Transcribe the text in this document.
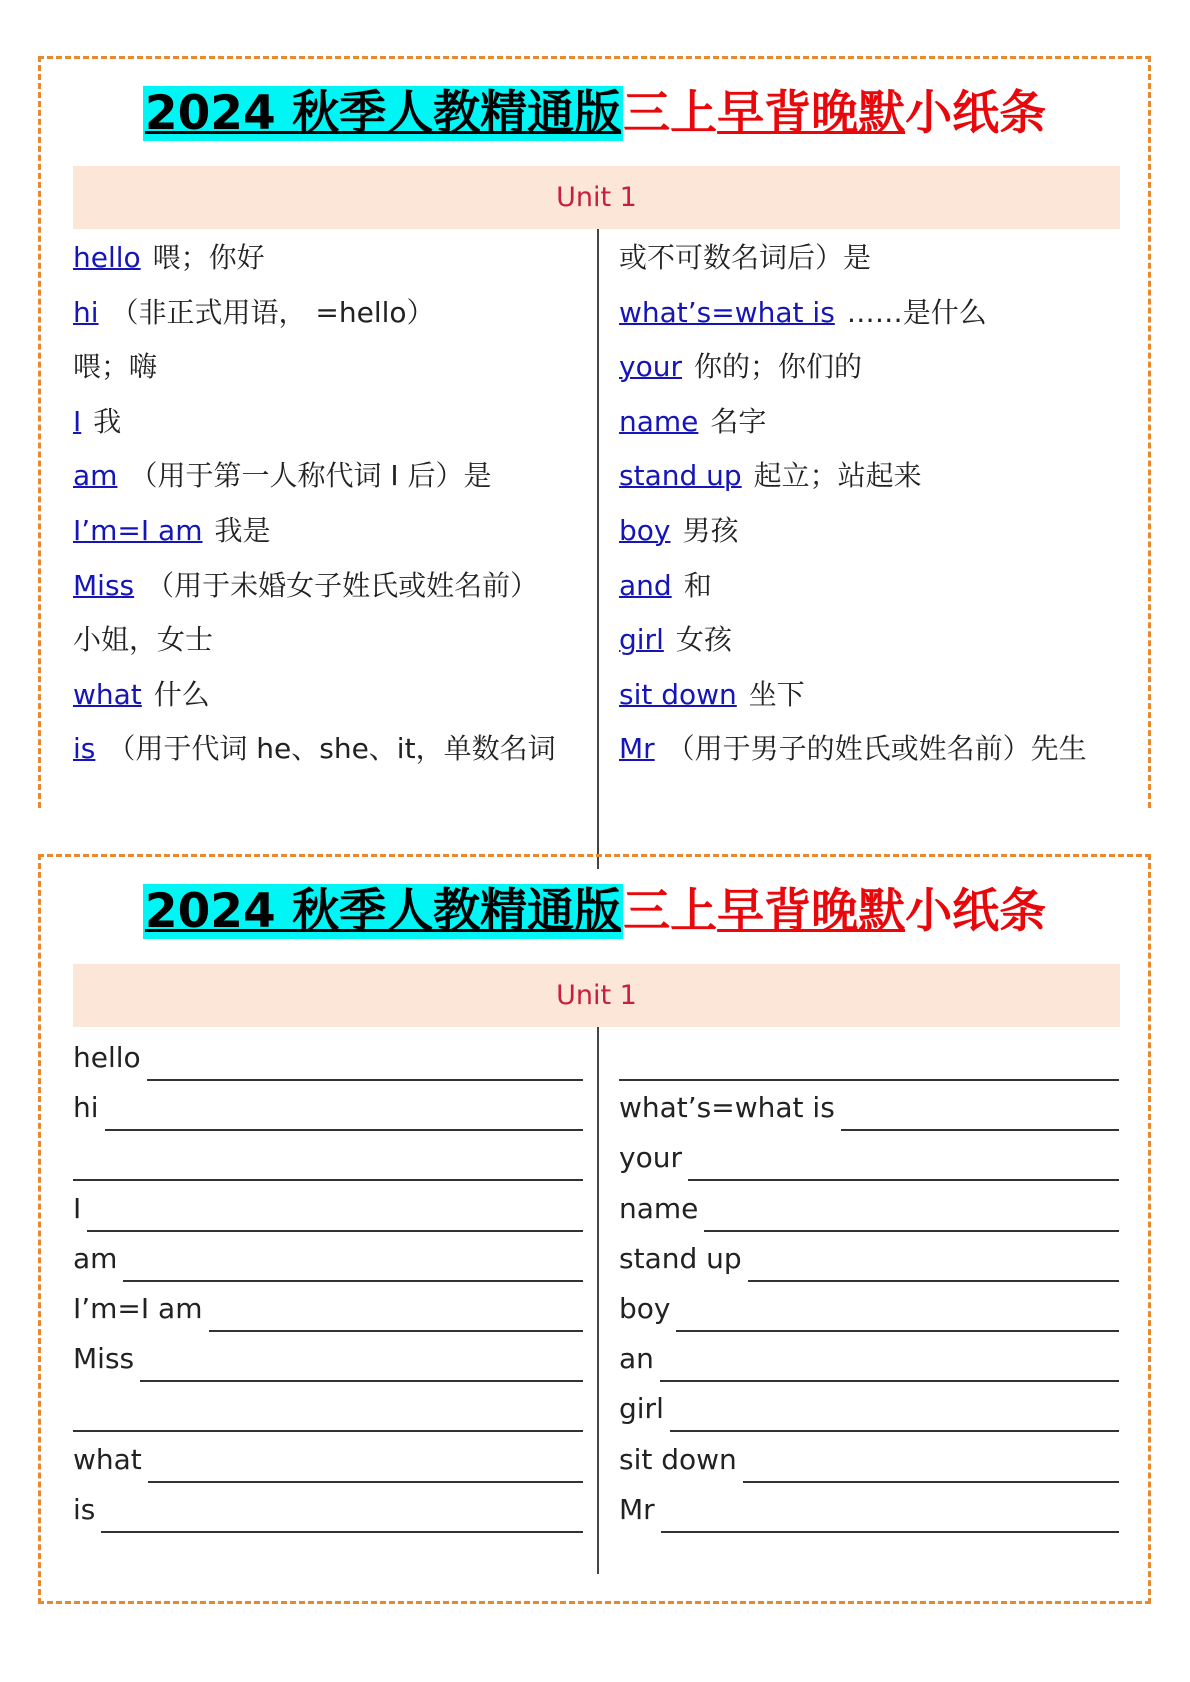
2024 秋季人教精通版三上早背晚默小纸条
Unit 1
hello 喂；你好
hi （非正式用语， =hello）
喂；嗨
I 我
am （用于第一人称代词 I 后）是
I’m=I am 我是
Miss （用于未婚女子姓氏或姓名前）
小姐，女士
what 什么
is （用于代词 he、she、it，单数名词
或不可数名词后）是
what’s=what is ……是什么
your 你的；你们的
name 名字
stand up 起立；站起来
boy 男孩
and 和
girl 女孩
sit down 坐下
Mr （用于男子的姓氏或姓名前）先生
2024 秋季人教精通版三上早背晚默小纸条
Unit 1
hello
hi
I
am
I’m=I am
Miss
what
is
what’s=what is
your
name
stand up
boy
an
girl
sit down
Mr
